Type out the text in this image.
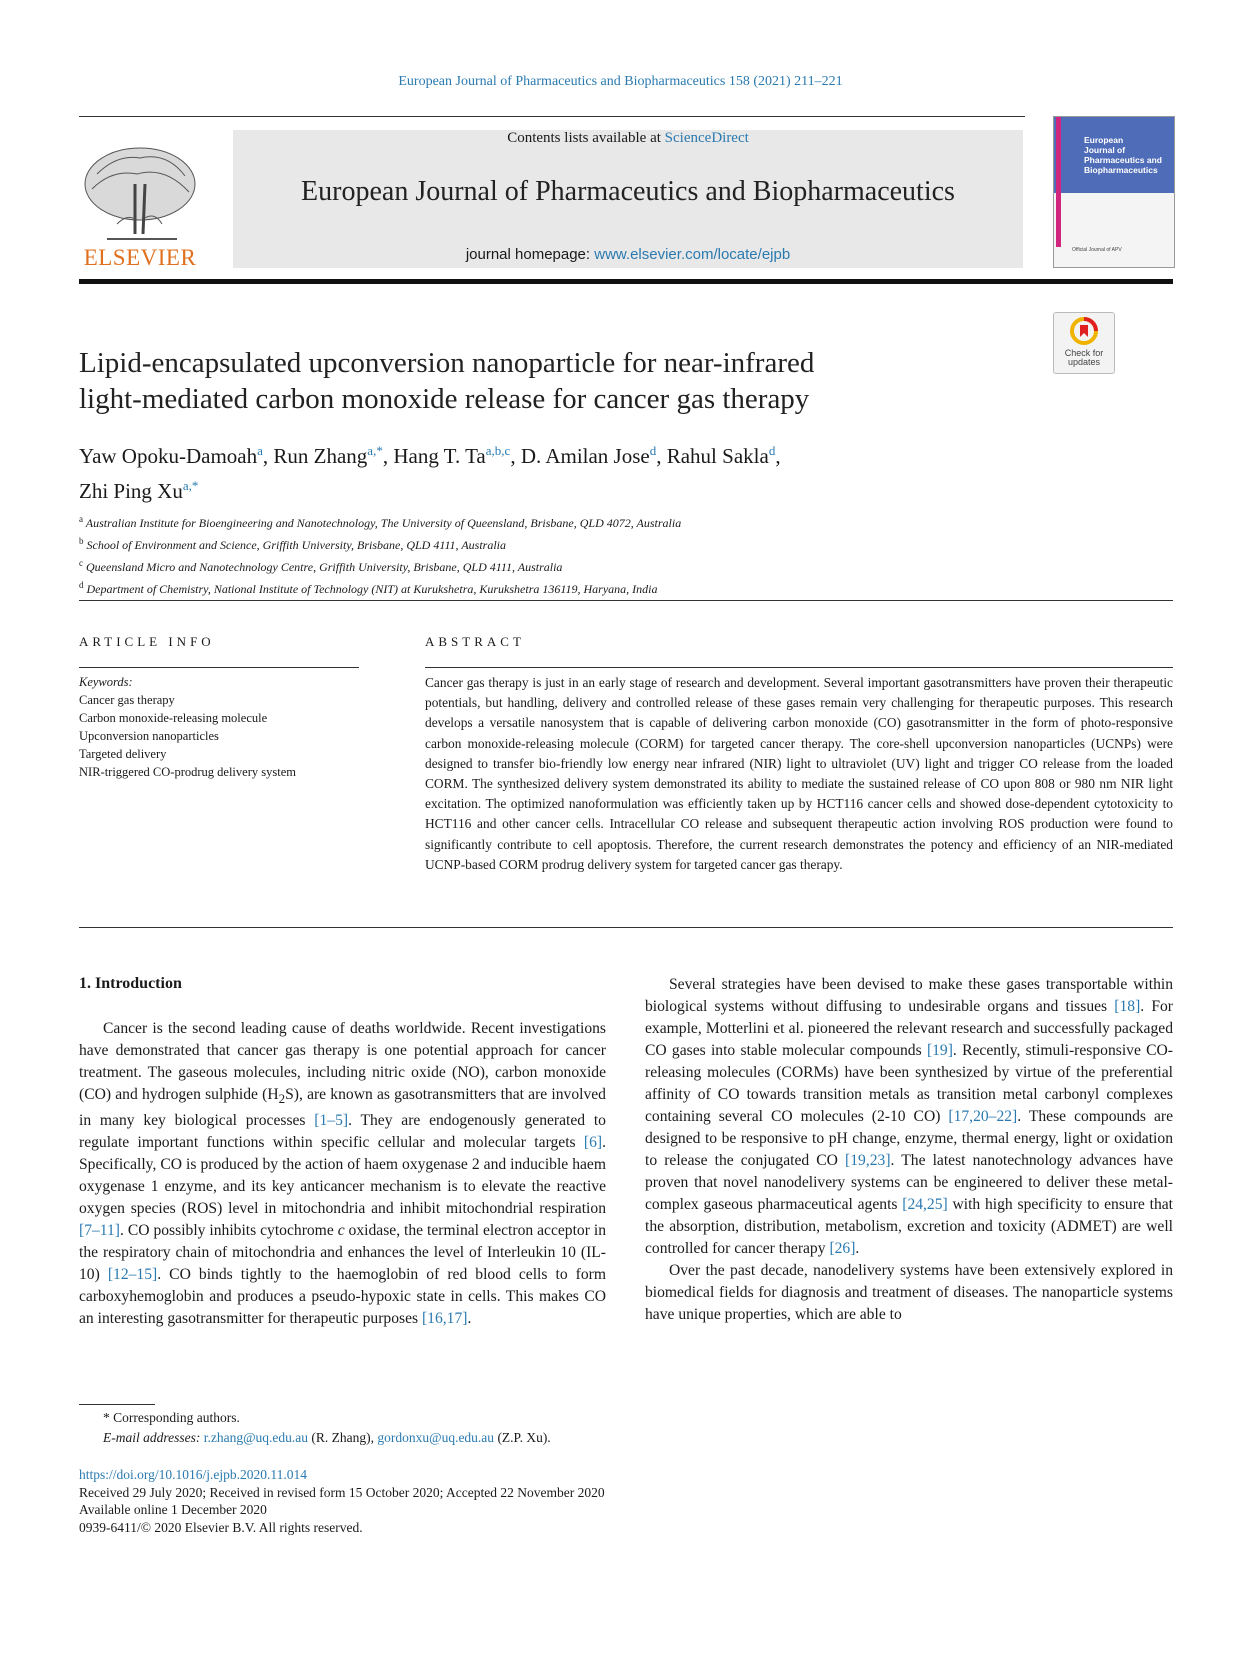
European Journal of Pharmaceutics and Biopharmaceutics 158 (2021) 211–221
ELSEVIER
Contents lists available at ScienceDirect
European Journal of Pharmaceutics and Biopharmaceutics
journal homepage: www.elsevier.com/locate/ejpb
European
Journal of
Pharmaceutics and
Biopharmaceutics
Official Journal of APV
Check for
updates
Lipid-encapsulated upconversion nanoparticle for near-infrared
light-mediated carbon monoxide release for cancer gas therapy
Yaw Opoku-Damoah$^a$, Run Zhang$^{a,*}$, Hang T. Ta$^{a,b,c}$, D. Amilan Jose$^d$, Rahul Sakla$^d$,
Zhi Ping $Xu^{a,*}$
$^a$ Australian Institute for Bioengineering and Nanotechnology, The University of Queensland, Brisbane, QLD 4072, Australia
$^b$ School of Environment and Science, Griffith University, Brisbane, QLD 4111, Australia
$^c$ Queensland Micro and Nanotechnology Centre, Griffith University, Brisbane, QLD 4111, Australia
$^d$ Department of Chemistry, National Institute of Technology (NIT) at Kurukshetra, Kurukshetra 136119, Haryana, India
ARTICLE INFO	ABSTRACT
Keywords:
Cancer gas therapy
Carbon monoxide-releasing molecule
Upconversion nanoparticles
Targeted delivery
NIR-triggered CO-prodrug delivery system
Cancer gas therapy is just in an early stage of research and development. Several important gasotransmitters have proven their therapeutic potentials, but handling, delivery and controlled release of these gases remain very challenging for therapeutic purposes. This research develops a versatile nanosystem that is capable of delivering carbon monoxide (CO) gasotransmitter in the form of photo-responsive carbon monoxide-releasing molecule (CORM) for targeted cancer therapy. The core-shell upconversion nanoparticles (UCNPs) were designed to transfer bio-friendly low energy near infrared (NIR) light to ultraviolet (UV) light and trigger CO release from the loaded CORM. The synthesized delivery system demonstrated its ability to mediate the sustained release of CO upon 808 or 980 nm NIR light excitation. The optimized nanoformulation was efficiently taken up by HCT116 cancer cells and showed dose-dependent cytotoxicity to HCT116 and other cancer cells. Intracellular CO release and subsequent therapeutic action involving ROS production were found to significantly contribute to cell apoptosis. Therefore, the current research demonstrates the potency and efficiency of an NIR-mediated UCNP-based CORM prodrug delivery system for targeted cancer gas therapy.
1. Introduction

Cancer is the second leading cause of deaths worldwide. Recent investigations have demonstrated that cancer gas therapy is one potential approach for cancer treatment. The gaseous molecules, including nitric oxide (NO), carbon monoxide (CO) and hydrogen sulphide $(H_2S)$, are known as gasotransmitters that are involved in many key biological processes [1–5]. They are endogenously generated to regulate important functions within specific cellular and molecular targets [6]. Specifically, CO is produced by the action of haem oxygenase 2 and inducible haem oxygenase 1 enzyme, and its key anticancer mechanism is to elevate the reactive oxygen species (ROS) level in mitochondria and inhibit mitochondrial respiration [7–11]. CO possibly inhibits cytochrome c oxidase, the terminal electron acceptor in the respiratory chain of mitochondria and enhances the level of Interleukin 10 (IL-10) [12–15]. CO binds tightly to the haemoglobin of red blood cells to form carboxyhemoglobin and produces a pseudo-hypoxic state in cells. This makes CO an interesting gasotransmitter for therapeutic purposes [16,17].

Several strategies have been devised to make these gases transportable within biological systems without diffusing to undesirable organs and tissues [18]. For example, Motterlini et al. pioneered the relevant research and successfully packaged CO gases into stable molecular compounds [19]. Recently, stimuli-responsive CO-releasing molecules (CORMs) have been synthesized by virtue of the preferential affinity of CO towards transition metals as transition metal carbonyl complexes containing several CO molecules (2-10 CO) [17,20–22]. These compounds are designed to be responsive to pH change, enzyme, thermal energy, light or oxidation to release the conjugated CO [19,23]. The latest nanotechnology advances have proven that novel nanodelivery systems can be engineered to deliver these metal-complex gaseous pharmaceutical agents [24,25] with high specificity to ensure that the absorption, distribution, metabolism, excretion and toxicity (ADMET) are well controlled for cancer therapy [26].

Over the past decade, nanodelivery systems have been extensively explored in biomedical fields for diagnosis and treatment of diseases. The nanoparticle systems have unique properties, which are able to

* Corresponding authors.
E-mail addresses: r.zhang@uq.edu.au (R. Zhang), gordonxu@uq.edu.au (Z.P. Xu).
https://doi.org/10.1016/j.ejpb.2020.11.014
Received 29 July 2020; Received in revised form 15 October 2020; Accepted 22 November 2020
Available online 1 December 2020
0939-6411/© 2020 Elsevier B.V. All rights reserved.
